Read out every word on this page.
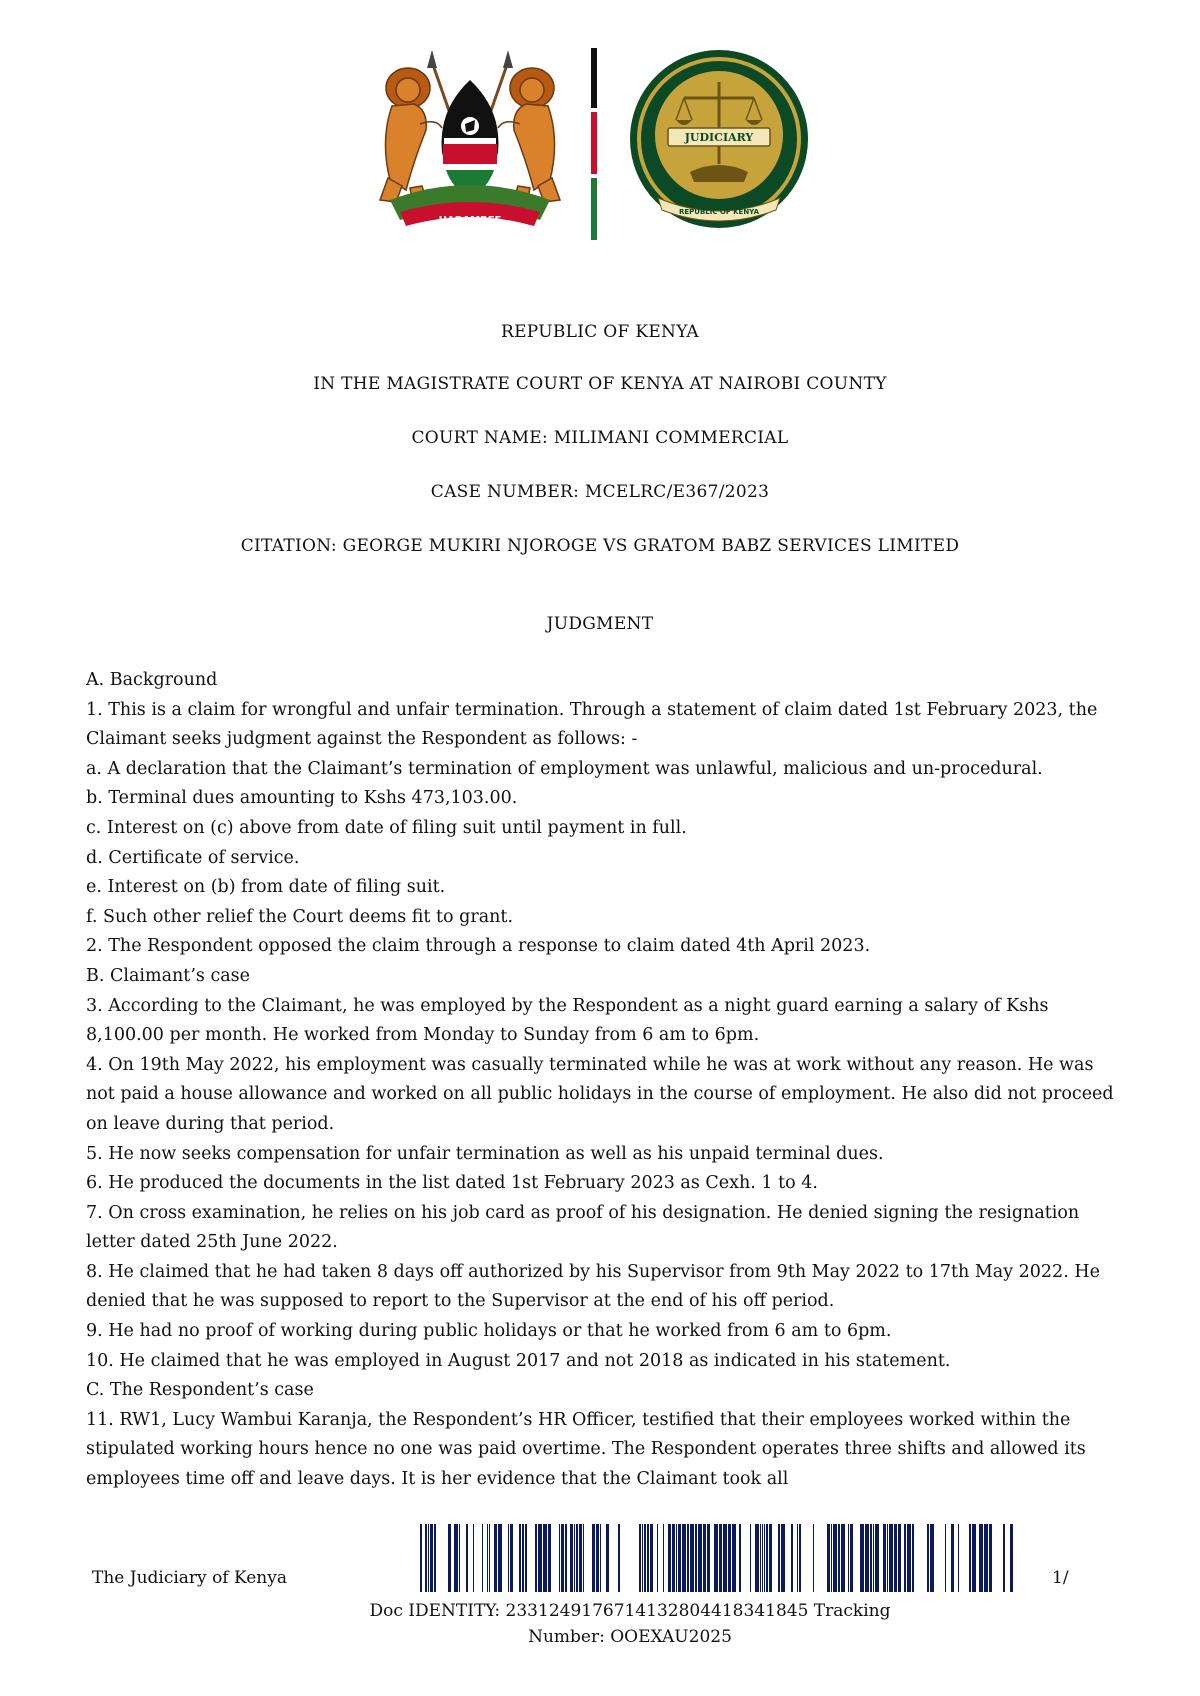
HARAMBEE
JUDICIARY
REPUBLIC OF KENYA
REPUBLIC OF KENYA
IN THE MAGISTRATE COURT OF KENYA AT NAIROBI COUNTY
COURT NAME: MILIMANI COMMERCIAL
CASE NUMBER: MCELRC/E367/2023
CITATION: GEORGE MUKIRI NJOROGE VS GRATOM BABZ SERVICES LIMITED
JUDGMENT

A. Background

1. This is a claim for wrongful and unfair termination. Through a statement of claim dated 1st February 2023, the Claimant seeks judgment against the Respondent as follows: -

a. A declaration that the Claimant’s termination of employment was unlawful, malicious and un-procedural.

b. Terminal dues amounting to Kshs 473,103.00.

c. Interest on (c) above from date of filing suit until payment in full.

d. Certificate of service.

e. Interest on (b) from date of filing suit.

f. Such other relief the Court deems fit to grant.

2. The Respondent opposed the claim through a response to claim dated 4th April 2023.

B. Claimant’s case

3. According to the Claimant, he was employed by the Respondent as a night guard earning a salary of Kshs 8,100.00 per month. He worked from Monday to Sunday from 6 am to 6pm.

4. On 19th May 2022, his employment was casually terminated while he was at work without any reason. He was not paid a house allowance and worked on all public holidays in the course of employment. He also did not proceed on leave during that period.

5. He now seeks compensation for unfair termination as well as his unpaid terminal dues.

6. He produced the documents in the list dated 1st February 2023 as Cexh. 1 to 4.

7. On cross examination, he relies on his job card as proof of his designation. He denied signing the resignation letter dated 25th June 2022.

8. He claimed that he had taken 8 days off authorized by his Supervisor from 9th May 2022 to 17th May 2022. He denied that he was supposed to report to the Supervisor at the end of his off period.

9. He had no proof of working during public holidays or that he worked from 6 am to 6pm.

10. He claimed that he was employed in August 2017 and not 2018 as indicated in his statement.

C. The Respondent’s case

11. RW1, Lucy Wambui Karanja, the Respondent’s HR Officer, testified that their employees worked within the stipulated working hours hence no one was paid overtime. The Respondent operates three shifts and allowed its employees time off and leave days. It is her evidence that the Claimant took all

The Judiciary of Kenya	1/
Doc IDENTITY: 23312491767141328044183418​45 Tracking
Number: OOEXAU2025
